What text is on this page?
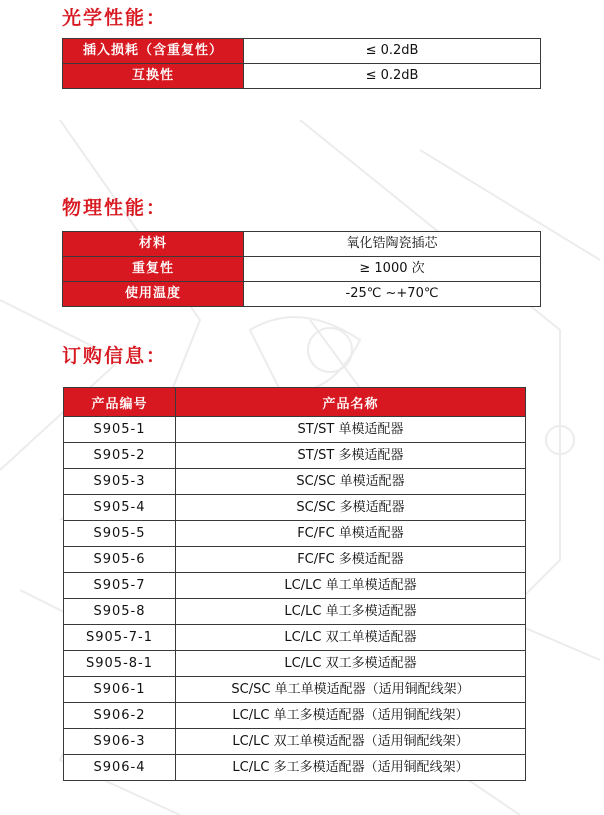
光学性能：
插入损耗（含重复性）	≤ 0.2dB
互换性	≤ 0.2dB
物理性能：
材料	氧化锆陶瓷插芯
重复性	≥ 1000 次
使用温度	-25℃ ~+70℃
订购信息：
产品编号	产品名称
S905-1	ST/ST 单模适配器
S905-2	ST/ST 多模适配器
S905-3	SC/SC 单模适配器
S905-4	SC/SC 多模适配器
S905-5	FC/FC 单模适配器
S905-6	FC/FC 多模适配器
S905-7	LC/LC 单工单模适配器
S905-8	LC/LC 单工多模适配器
S905-7-1	LC/LC 双工单模适配器
S905-8-1	LC/LC 双工多模适配器
S906-1	SC/SC 单工单模适配器（适用铜配线架）
S906-2	LC/LC 单工多模适配器（适用铜配线架）
S906-3	LC/LC 双工单模适配器（适用铜配线架）
S906-4	LC/LC 多工多模适配器（适用铜配线架）
